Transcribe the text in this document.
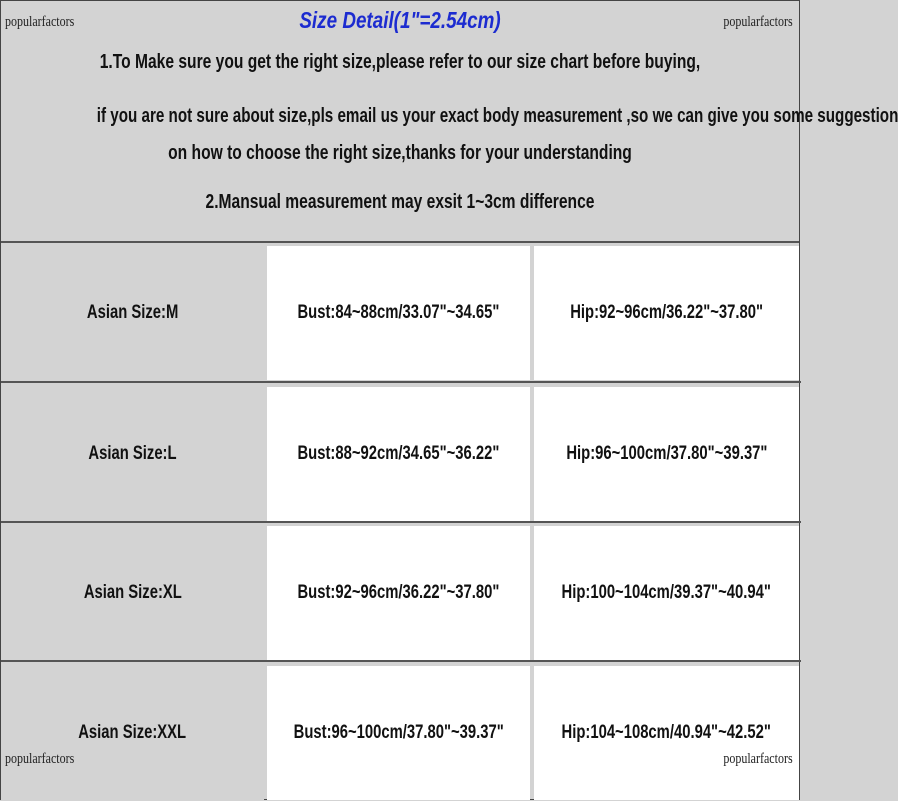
Size Detail(1"=2.54cm)
1.To Make sure you get the right size,please refer to our size chart before buying,
if you are not sure about size,pls email us your exact body measurement ,so we can give you some suggestion
on how to choose the right size,thanks for your understanding
2.Mansual measurement may exsit 1~3cm difference
Asian Size:M	Bust:84~88cm/33.07"~34.65"	Hip:92~96cm/36.22"~37.80"
Asian Size:L	Bust:88~92cm/34.65"~36.22"	Hip:96~100cm/37.80"~39.37"
Asian Size:XL	Bust:92~96cm/36.22"~37.80"	Hip:100~104cm/39.37"~40.94"
Asian Size:XXL	Bust:96~100cm/37.80"~39.37"	Hip:104~108cm/40.94"~42.52"
popularfactors	popularfactors
popularfactors	popularfactors
